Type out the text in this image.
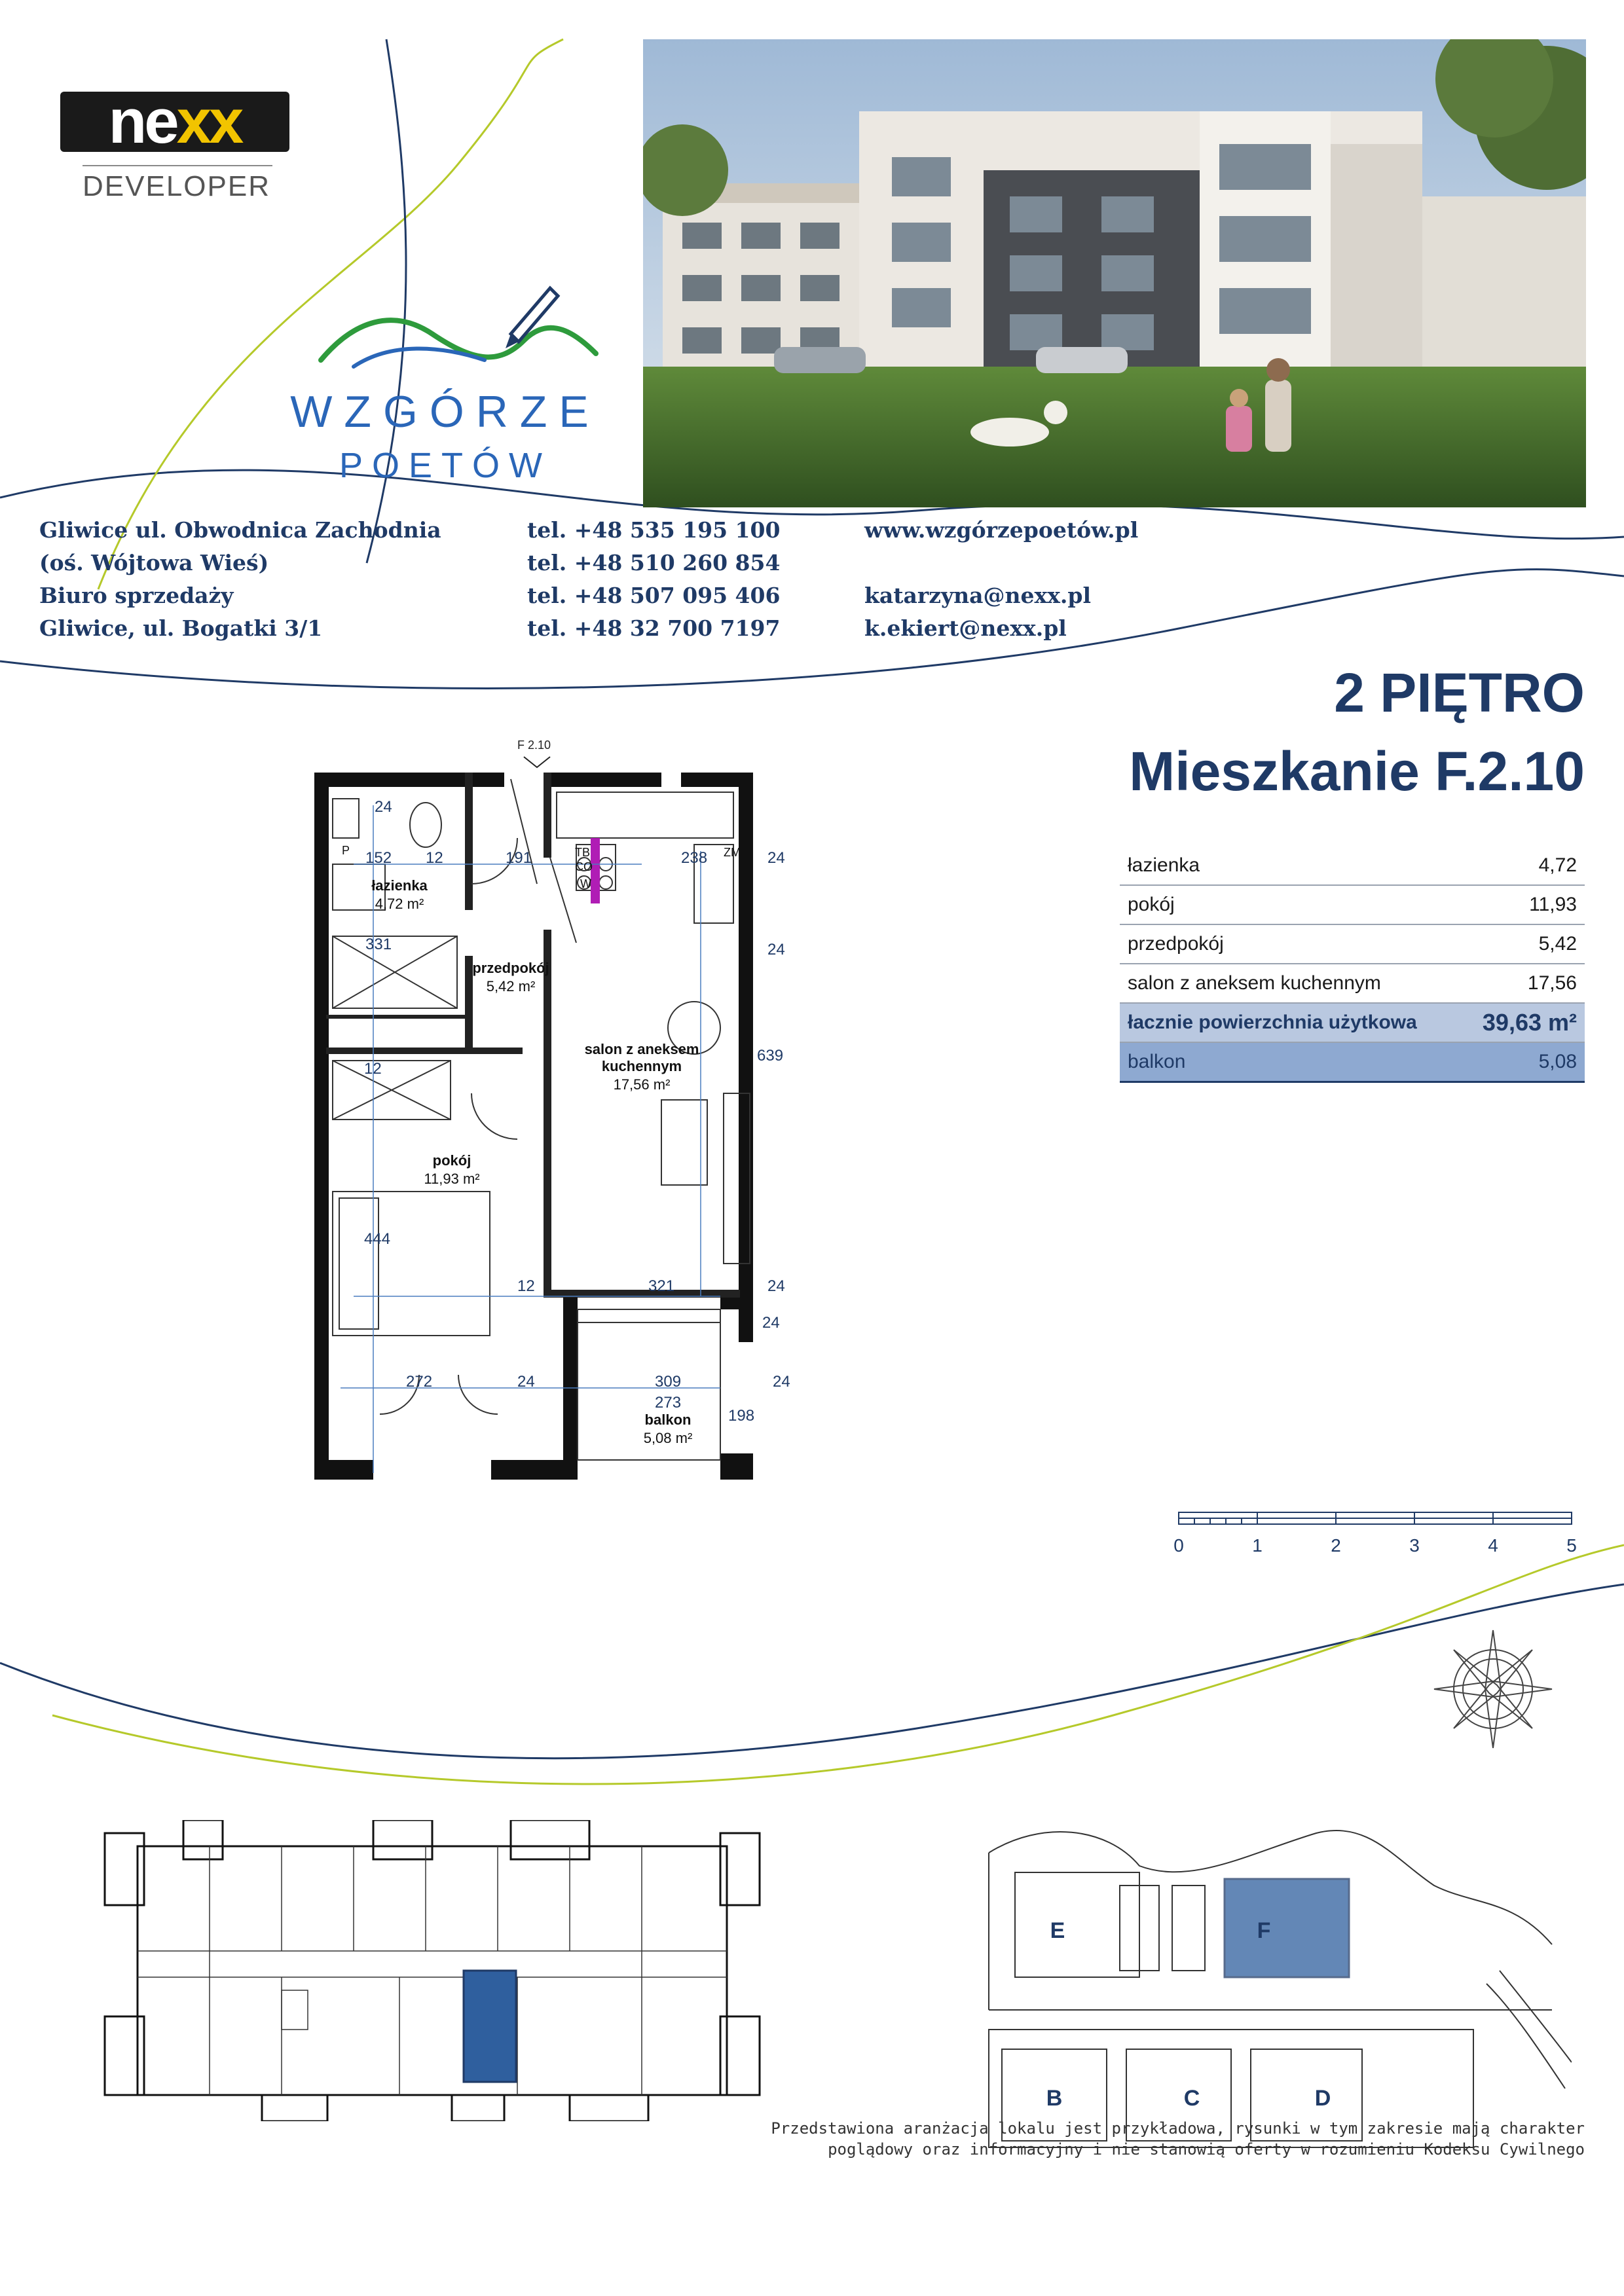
ne xx
DEVELOPER
WZGÓRZE
POETÓW
Gliwice ul. Obwodnica Zachodnia
(oś. Wójtowa Wieś)
Biuro sprzedaży
Gliwice, ul. Bogatki 3/1
tel. +48 535 195 100
tel. +48 510 260 854
tel. +48 507 095 406
tel. +48 32 700 7197
www.wzgórzepoetów.pl
katarzyna@nexx.pl
k.ekiert@nexx.pl
2 PIĘTRO
Mieszkanie F.2.10
łazienka	4,72
pokój	11,93
przedpokój	5,42
salon z aneksem kuchennym	17,56
łacznie powierzchnia użytkowa	39,63 m²
balkon	5,08
F 2.10
łazienka
4,72 m²
przedpokój
5,42 m²
salon z aneksem
kuchennym
17,56 m²
pokój
11,93 m²
balkon
5,08 m²
P	TB
CO
W
ZM
24
152 12	191	238	24
331	24
639
12
444
12	321	24
24
272	24	309
273
198
24
0	1	2	3	4	5
E	F
B	C	D
Przedstawiona aranżacja lokalu jest przykładowa, rysunki w tym zakresie mają charakter
poglądowy oraz informacyjny i nie stanowią oferty w rozumieniu Kodeksu Cywilnego
